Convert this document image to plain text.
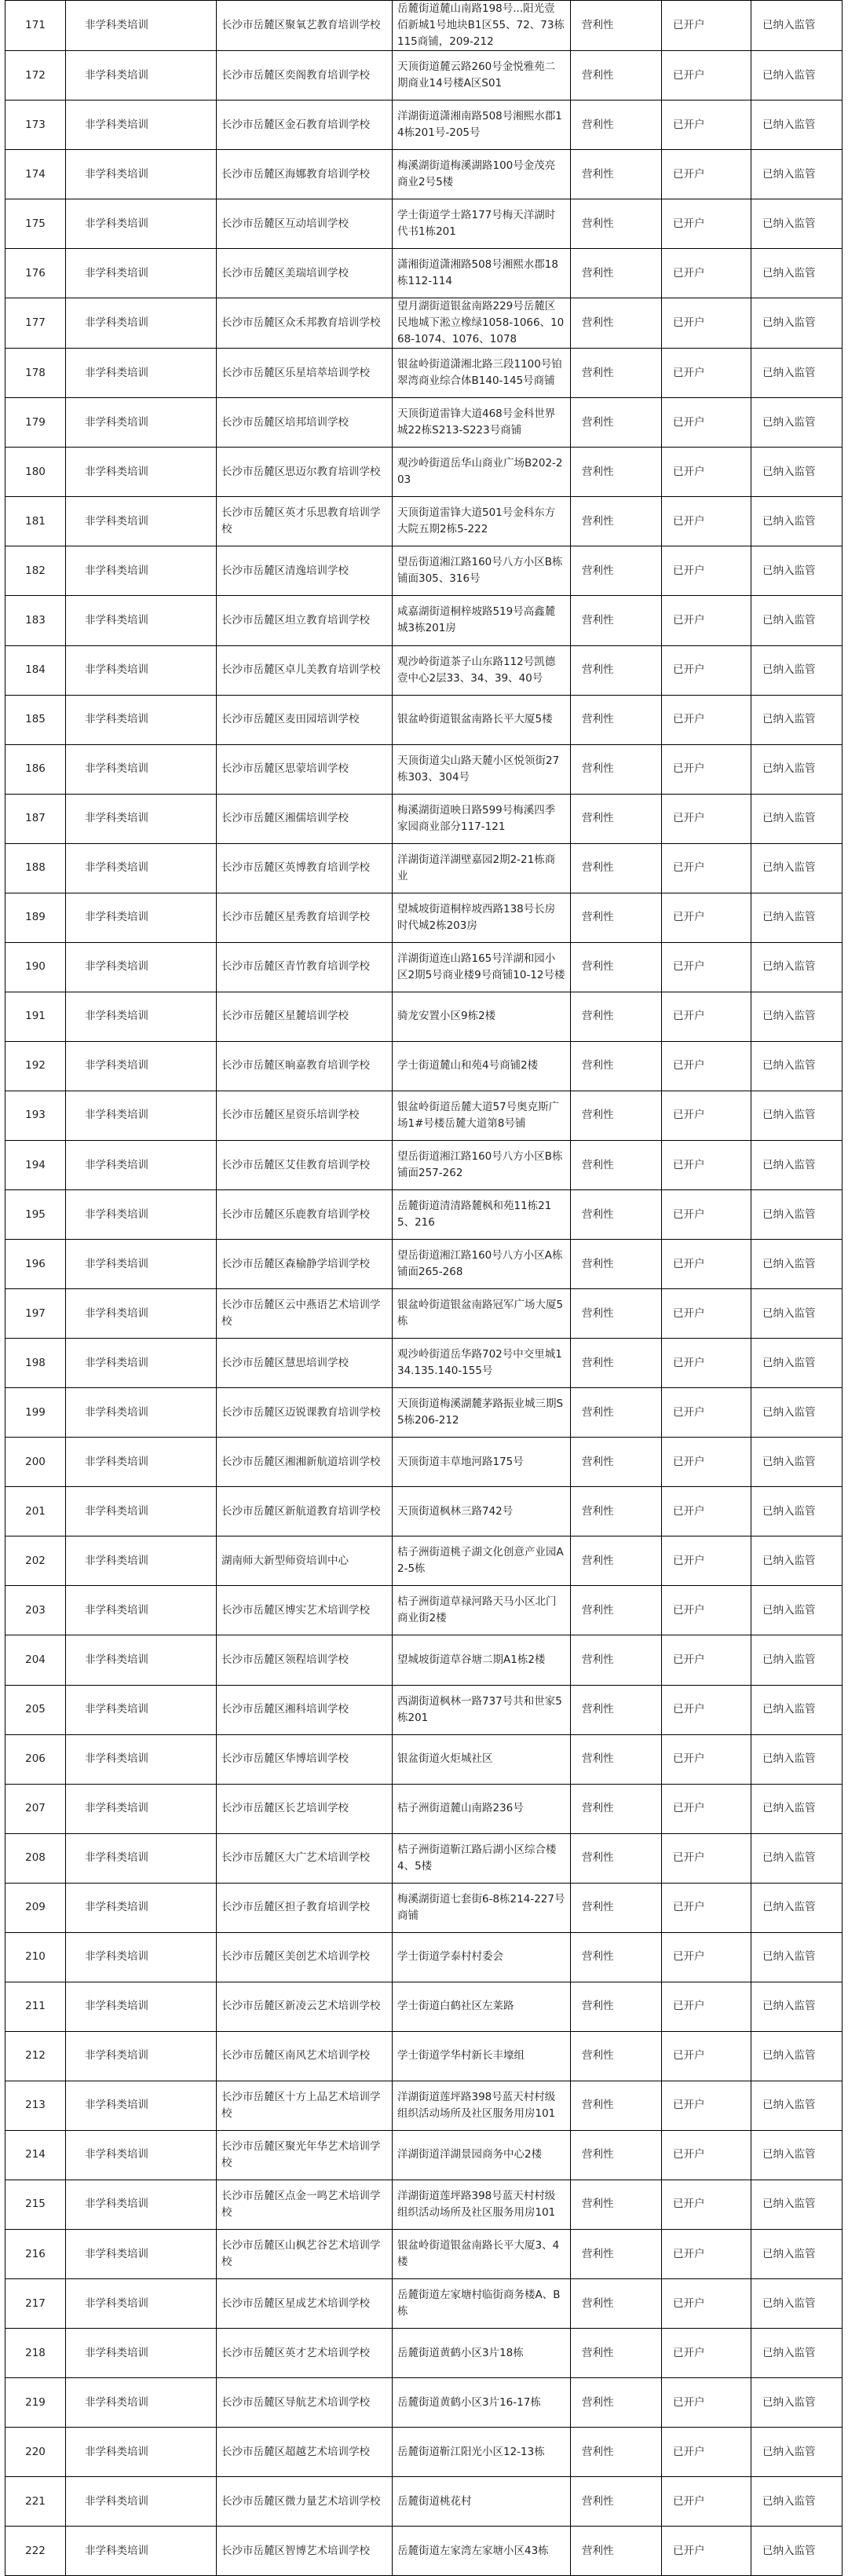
171	非学科类培训	长沙市岳麓区聚氧艺教育培训学校	岳麓街道麓山南路198号...阳光壹佰新城1号地块B1区55、72、73栋115商铺，209-212	营利性	已开户	已纳入监管
172	非学科类培训	长沙市岳麓区奕阁教育培训学校	天顶街道麓云路260号金悦雅苑二期商业14号楼A区S01	营利性	已开户	已纳入监管
173	非学科类培训	长沙市岳麓区金石教育培训学校	洋湖街道潇湘南路508号湘熙水郡14栋201号-205号	营利性	已开户	已纳入监管
174	非学科类培训	长沙市岳麓区海娜教育培训学校	梅溪湖街道梅溪湖路100号金茂亮商业2号5楼	营利性	已开户	已纳入监管
175	非学科类培训	长沙市岳麓区互动培训学校	学士街道学士路177号梅天洋湖时代书1栋201	营利性	已开户	已纳入监管
176	非学科类培训	长沙市岳麓区美瑞培训学校	潇湘街道潇湘路508号湘熙水郡18栋112-114	营利性	已开户	已纳入监管
177	非学科类培训	长沙市岳麓区众禾邦教育培训学校	望月湖街道银盆南路229号岳麓区民地城下淞立橡绿1058-1066、1068-1074、1076、1078	营利性	已开户	已纳入监管
178	非学科类培训	长沙市岳麓区乐星培萃培训学校	银盆岭街道潇湘北路三段1100号铂翠湾商业综合体B140-145号商铺	营利性	已开户	已纳入监管
179	非学科类培训	长沙市岳麓区培邦培训学校	天顶街道雷锋大道468号金科世界城22栋S213-S223号商铺	营利性	已开户	已纳入监管
180	非学科类培训	长沙市岳麓区思迈尔教育培训学校	观沙岭街道岳华山商业广场B202-203	营利性	已开户	已纳入监管
181	非学科类培训	长沙市岳麓区英才乐思教育培训学校	天顶街道雷锋大道501号金科东方大院五期2栋5-222	营利性	已开户	已纳入监管
182	非学科类培训	长沙市岳麓区清逸培训学校	望岳街道湘江路160号八方小区B栋铺面305、316号	营利性	已开户	已纳入监管
183	非学科类培训	长沙市岳麓区坦立教育培训学校	咸嘉湖街道桐梓坡路519号高鑫麓城3栋201房	营利性	已开户	已纳入监管
184	非学科类培训	长沙市岳麓区卓儿美教育培训学校	观沙岭街道茶子山东路112号凯德壹中心2层33、34、39、40号	营利性	已开户	已纳入监管
185	非学科类培训	长沙市岳麓区麦田园培训学校	银盆岭街道银盆南路长平大厦5楼	营利性	已开户	已纳入监管
186	非学科类培训	长沙市岳麓区思蒙培训学校	天顶街道尖山路天麓小区悦领街27栋303、304号	营利性	已开户	已纳入监管
187	非学科类培训	长沙市岳麓区湘儒培训学校	梅溪湖街道映日路599号梅溪四季家园商业部分117-121	营利性	已开户	已纳入监管
188	非学科类培训	长沙市岳麓区英博教育培训学校	洋湖街道洋湖壁嘉园2期2-21栋商业	营利性	已开户	已纳入监管
189	非学科类培训	长沙市岳麓区星秀教育培训学校	望城坡街道桐梓坡西路138号长房时代城2栋203房	营利性	已开户	已纳入监管
190	非学科类培训	长沙市岳麓区青竹教育培训学校	洋湖街道连山路165号洋湖和园小区2期5号商业楼9号商铺10-12号楼	营利性	已开户	已纳入监管
191	非学科类培训	长沙市岳麓区星麓培训学校	骑龙安置小区9栋2楼	营利性	已开户	已纳入监管
192	非学科类培训	长沙市岳麓区晌嘉教育培训学校	学士街道麓山和苑4号商铺2楼	营利性	已开户	已纳入监管
193	非学科类培训	长沙市岳麓区星资乐培训学校	银盆岭街道岳麓大道57号奥克斯广场1#号楼岳麓大道第8号铺	营利性	已开户	已纳入监管
194	非学科类培训	长沙市岳麓区艾佳教育培训学校	望岳街道湘江路160号八方小区B栋铺面257-262	营利性	已开户	已纳入监管
195	非学科类培训	长沙市岳麓区乐鹿教育培训学校	岳麓街道清清路麓枫和苑11栋215、216	营利性	已开户	已纳入监管
196	非学科类培训	长沙市岳麓区森榆静学培训学校	望岳街道湘江路160号八方小区A栋铺面265-268	营利性	已开户	已纳入监管
197	非学科类培训	长沙市岳麓区云中燕语艺术培训学校	银盆岭街道银盆南路冠军广场大厦5栋	营利性	已开户	已纳入监管
198	非学科类培训	长沙市岳麓区慧思培训学校	观沙岭街道岳华路702号中交里城134.135.140-155号	营利性	已开户	已纳入监管
199	非学科类培训	长沙市岳麓区迈锐课教育培训学校	天顶街道梅溪湖麓茅路振业城三期S5栋206-212	营利性	已开户	已纳入监管
200	非学科类培训	长沙市岳麓区湘湘新航道培训学校	天顶街道丰草地河路175号	营利性	已开户	已纳入监管
201	非学科类培训	长沙市岳麓区新航道教育培训学校	天顶街道枫林三路742号	营利性	已开户	已纳入监管
202	非学科类培训	湖南师大新型师资培训中心	桔子洲街道桃子湖文化创意产业园A2-5栋	营利性	已开户	已纳入监管
203	非学科类培训	长沙市岳麓区博实艺术培训学校	桔子洲街道草禄河路天马小区北门商业街2楼	营利性	已开户	已纳入监管
204	非学科类培训	长沙市岳麓区领程培训学校	望城坡街道草谷塘二期A1栋2楼	营利性	已开户	已纳入监管
205	非学科类培训	长沙市岳麓区湘科培训学校	西湖街道枫林一路737号共和世家5栋201	营利性	已开户	已纳入监管
206	非学科类培训	长沙市岳麓区华博培训学校	银盆街道火炬城社区	营利性	已开户	已纳入监管
207	非学科类培训	长沙市岳麓区长艺培训学校	桔子洲街道麓山南路236号	营利性	已开户	已纳入监管
208	非学科类培训	长沙市岳麓区大广艺术培训学校	桔子洲街道靳江路后湖小区综合楼4、5楼	营利性	已开户	已纳入监管
209	非学科类培训	长沙市岳麓区担子教育培训学校	梅溪湖街道七套街6-8栋214-227号商铺	营利性	已开户	已纳入监管
210	非学科类培训	长沙市岳麓区美创艺术培训学校	学士街道学泰村村委会	营利性	已开户	已纳入监管
211	非学科类培训	长沙市岳麓区新凌云艺术培训学校	学士街道白鹤社区左莱路	营利性	已开户	已纳入监管
212	非学科类培训	长沙市岳麓区南风艺术培训学校	学士街道学华村新长丰壕组	营利性	已开户	已纳入监管
213	非学科类培训	长沙市岳麓区十方上品艺术培训学校	洋湖街道莲坪路398号蓝天村村级组织活动场所及社区服务用房101	营利性	已开户	已纳入监管
214	非学科类培训	长沙市岳麓区聚光年华艺术培训学校	洋湖街道洋湖景园商务中心2楼	营利性	已开户	已纳入监管
215	非学科类培训	长沙市岳麓区点金一鸣艺术培训学校	洋湖街道莲坪路398号蓝天村村级组织活动场所及社区服务用房101	营利性	已开户	已纳入监管
216	非学科类培训	长沙市岳麓区山枫艺谷艺术培训学校	银盆岭街道银盆南路长平大厦3、4楼	营利性	已开户	已纳入监管
217	非学科类培训	长沙市岳麓区星成艺术培训学校	岳麓街道左家塘村临街商务楼A、B栋	营利性	已开户	已纳入监管
218	非学科类培训	长沙市岳麓区英才艺术培训学校	岳麓街道黄鹤小区3片18栋	营利性	已开户	已纳入监管
219	非学科类培训	长沙市岳麓区导航艺术培训学校	岳麓街道黄鹤小区3片16-17栋	营利性	已开户	已纳入监管
220	非学科类培训	长沙市岳麓区超越艺术培训学校	岳麓街道靳江阳光小区12-13栋	营利性	已开户	已纳入监管
221	非学科类培训	长沙市岳麓区微力量艺术培训学校	岳麓街道桃花村	营利性	已开户	已纳入监管
222	非学科类培训	长沙市岳麓区智博艺术培训学校	岳麓街道左家湾左家塘小区43栋	营利性	已开户	已纳入监管
